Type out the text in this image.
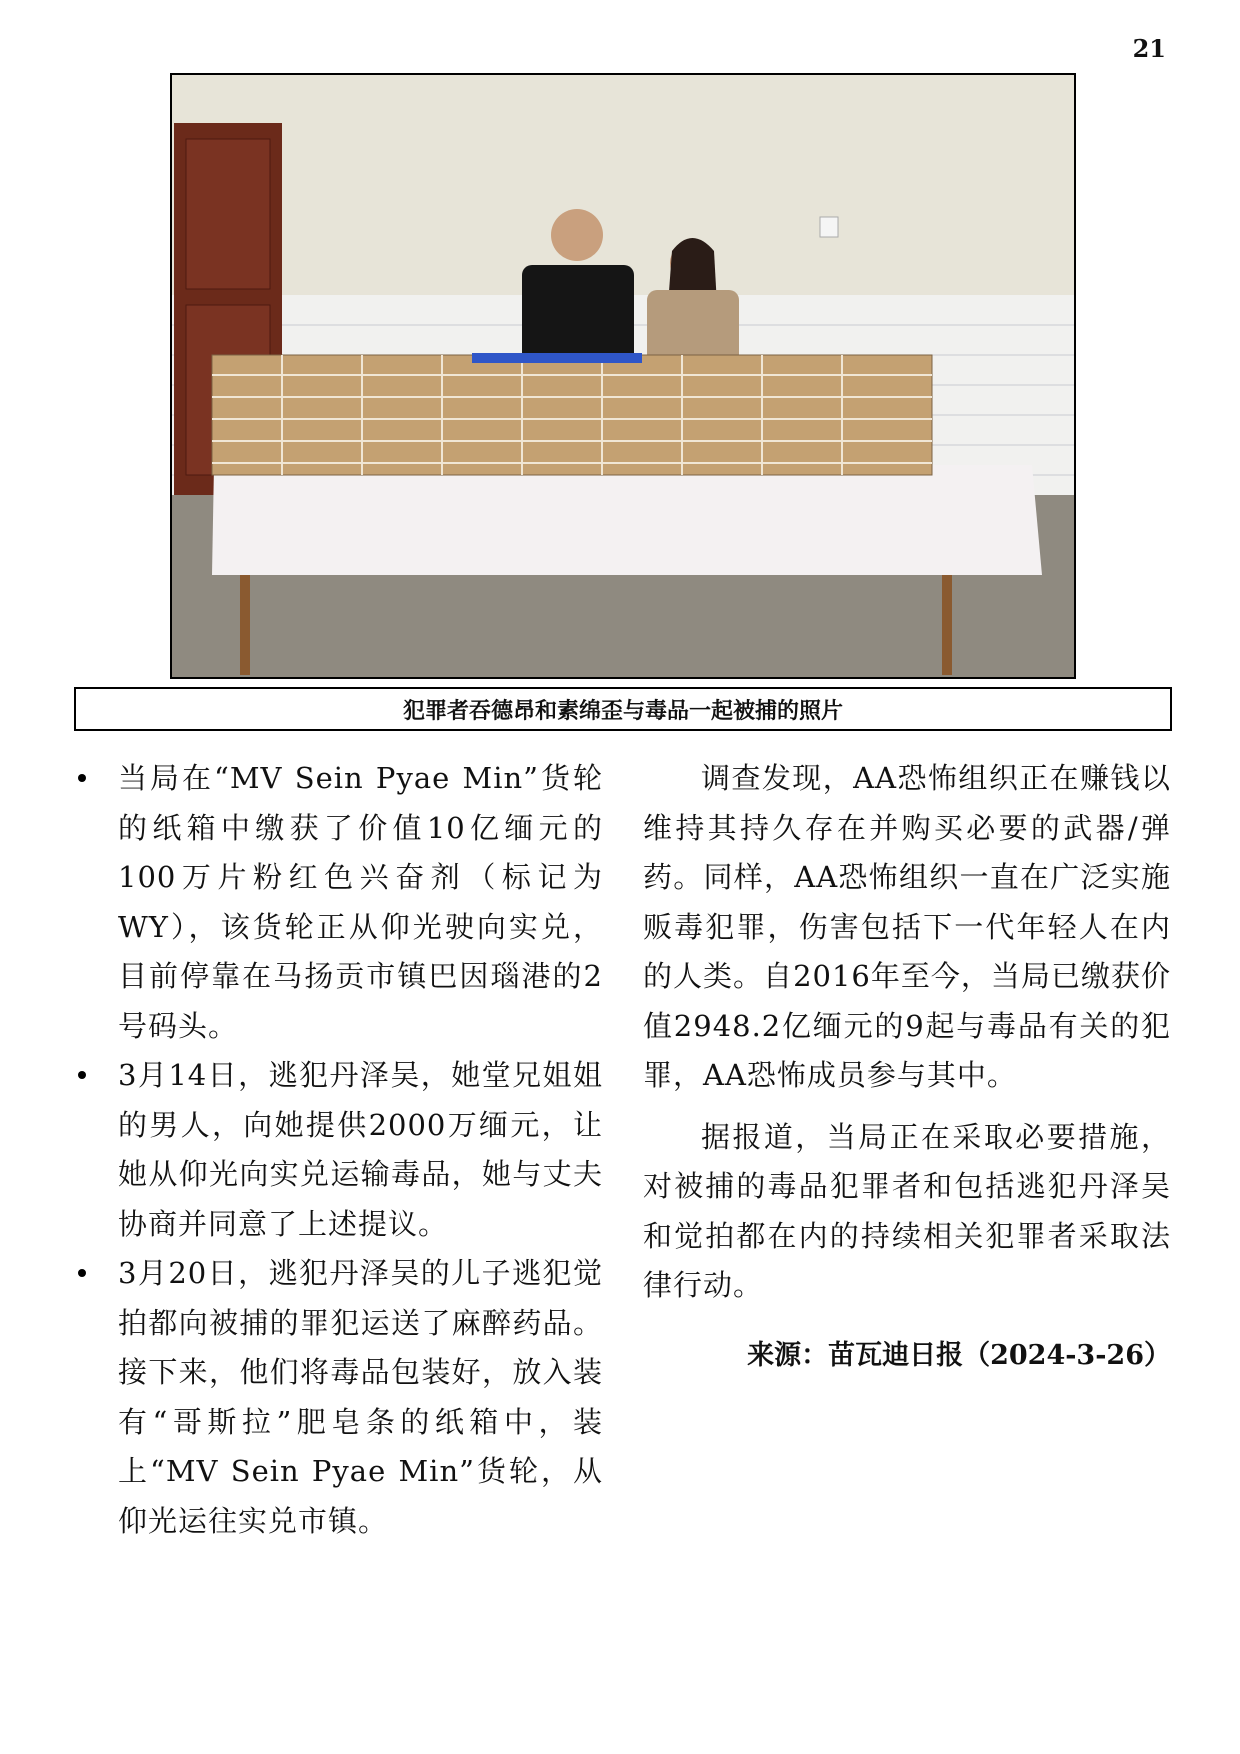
21
犯罪者吞德昂和素绵歪与毒品一起被捕的照片
当局在“MV Sein Pyae Min”货轮的纸箱中缴获了价值10亿缅元的100万片粉红色兴奋剂（标记为WY），该货轮正从仰光驶向实兑，目前停靠在马扬贡市镇巴因瑙港的2号码头。
3月14日，逃犯丹泽吴，她堂兄姐姐的男人，向她提供2000万缅元，让她从仰光向实兑运输毒品，她与丈夫协商并同意了上述提议。
3月20日，逃犯丹泽吴的儿子逃犯觉拍都向被捕的罪犯运送了麻醉药品。接下来，他们将毒品包装好，放入装有“哥斯拉”肥皂条的纸箱中，装上“MV Sein Pyae Min”货轮，从仰光运往实兑市镇。

调查发现，AA恐怖组织正在赚钱以维持其持久存在并购买必要的武器/弹药。同样，AA恐怖组织一直在广泛实施贩毒犯罪，伤害包括下一代年轻人在内的人类。自2016年至今，当局已缴获价值2948.2亿缅元的9起与毒品有关的犯罪，AA恐怖成员参与其中。

据报道，当局正在采取必要措施，对被捕的毒品犯罪者和包括逃犯丹泽吴和觉拍都在内的持续相关犯罪者采取法律行动。

来源：苗瓦迪日报（2024-3-26）
